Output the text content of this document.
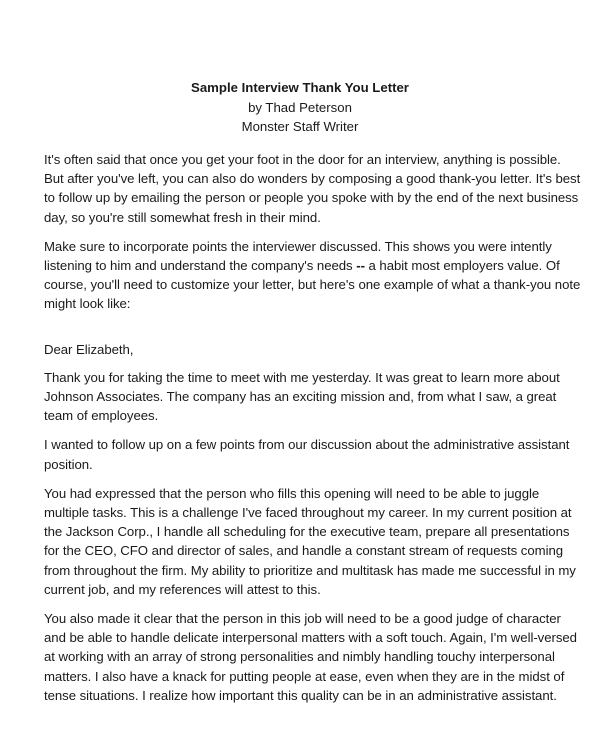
Sample Interview Thank You Letter
by Thad Peterson
Monster Staff Writer

It's often said that once you get your foot in the door for an interview, anything is possible. But after you've left, you can also do wonders by composing a good thank-you letter. It's best to follow up by emailing the person or people you spoke with by the end of the next business day, so you're still somewhat fresh in their mind.

Make sure to incorporate points the interviewer discussed. This shows you were intently listening to him and understand the company's needs -- a habit most employers value. Of course, you'll need to customize your letter, but here's one example of what a thank-you note might look like:

Dear Elizabeth,

Thank you for taking the time to meet with me yesterday. It was great to learn more about Johnson Associates. The company has an exciting mission and, from what I saw, a great team of employees.

I wanted to follow up on a few points from our discussion about the administrative assistant position.

You had expressed that the person who fills this opening will need to be able to juggle multiple tasks. This is a challenge I've faced throughout my career. In my current position at the Jackson Corp., I handle all scheduling for the executive team, prepare all presentations for the CEO, CFO and director of sales, and handle a constant stream of requests coming from throughout the firm. My ability to prioritize and multitask has made me successful in my current job, and my references will attest to this.

You also made it clear that the person in this job will need to be a good judge of character and be able to handle delicate interpersonal matters with a soft touch. Again, I'm well-versed at working with an array of strong personalities and nimbly handling touchy interpersonal matters. I also have a knack for putting people at ease, even when they are in the midst of tense situations. I realize how important this quality can be in an administrative assistant.
